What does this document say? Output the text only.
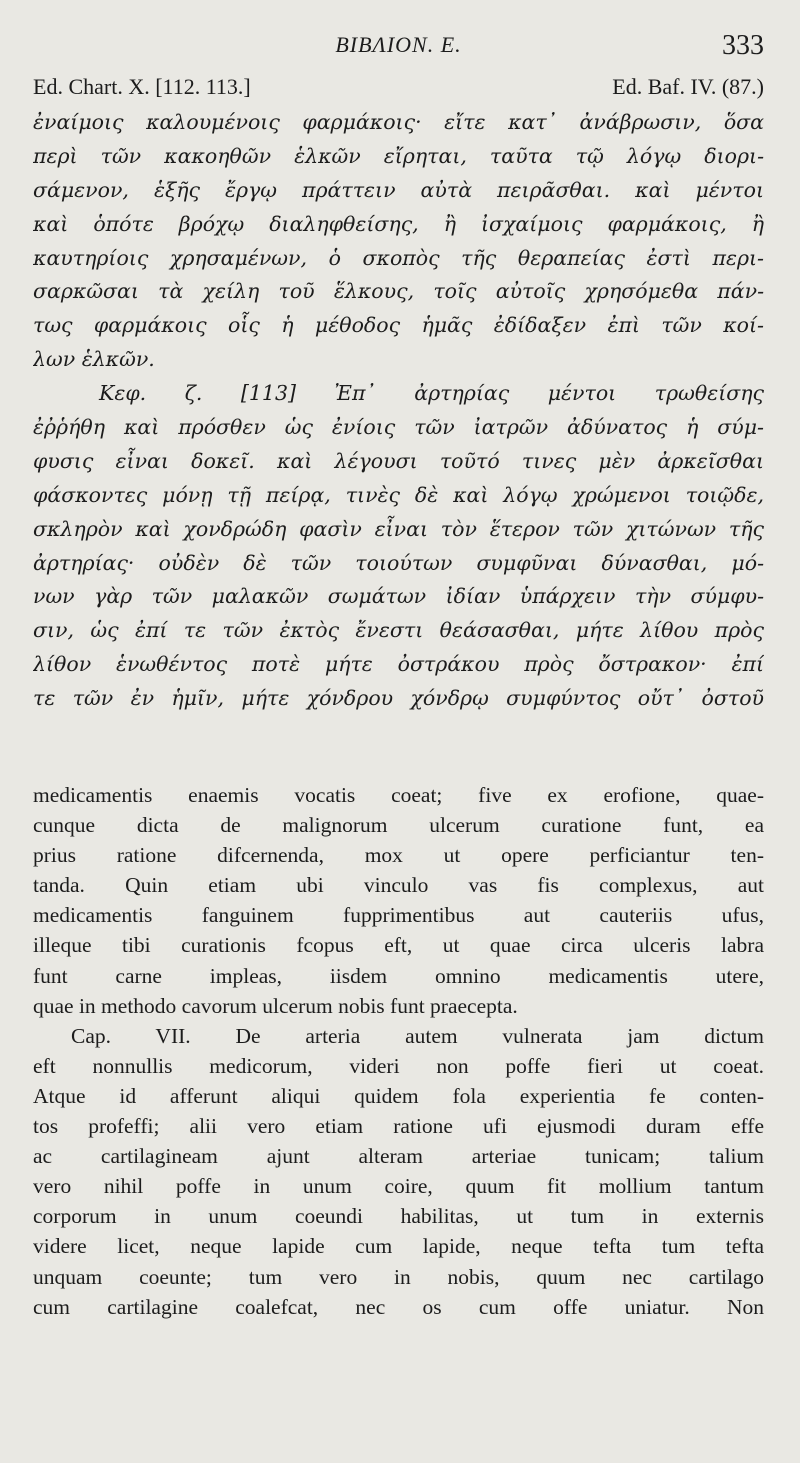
BIBΛION. E.	333
Ed. Chart. X. [112. 113.]	Ed. Baf. IV. (87.)
ἐναίμοις καλουμένοις φαρμάκοις· εἴτε κατ᾽ ἀνάβρωσιν, ὅσα
περὶ τῶν κακοηθῶν ἑλκῶν εἴρηται, ταῦτα τῷ λόγῳ διορι-
σάμενον, ἑξῆς ἔργῳ πράττειν αὐτὰ πειρᾶσθαι. καὶ μέντοι
καὶ ὁπότε βρόχῳ διαληφθείσης, ἢ ἰσχαίμοις φαρμάκοις, ἢ
καυτηρίοις χρησαμένων, ὁ σκοπὸς τῆς θεραπείας ἐστὶ περι-
σαρκῶσαι τὰ χείλη τοῦ ἕλκους, τοῖς αὐτοῖς χρησόμεθα πάν-
τως φαρμάκοις οἷς ἡ μέθοδος ἡμᾶς ἐδίδαξεν ἐπὶ τῶν κοί-
λων ἑλκῶν.
Κεφ. ζ. [113] Ἐπ᾽ ἀρτηρίας μέντοι τρωθείσης
ἐῤῥήθη καὶ πρόσθεν ὡς ἐνίοις τῶν ἰατρῶν ἀδύνατος ἡ σύμ-
φυσις εἶναι δοκεῖ. καὶ λέγουσι τοῦτό τινες μὲν ἀρκεῖσθαι
φάσκοντες μόνῃ τῇ πείρᾳ, τινὲς δὲ καὶ λόγῳ χρώμενοι τοιῷδε,
σκληρὸν καὶ χονδρώδη φασὶν εἶναι τὸν ἕτερον τῶν χιτώνων τῆς
ἀρτηρίας· οὐδὲν δὲ τῶν τοιούτων συμφῦναι δύνασθαι, μό-
νων γὰρ τῶν μαλακῶν σωμάτων ἰδίαν ὑπάρχειν τὴν σύμφυ-
σιν, ὡς ἐπί τε τῶν ἐκτὸς ἔνεστι θεάσασθαι, μήτε λίθου πρὸς
λίθον ἑνωθέντος ποτὲ μήτε ὀστράκου πρὸς ὄστρακον· ἐπί
τε τῶν ἐν ἡμῖν, μήτε χόνδρου χόνδρῳ συμφύντος οὔτ᾽ ὀστοῦ
medicamentis enaemis vocatis coeat; five ex erofione, quae-
cunque dicta de malignorum ulcerum curatione funt, ea
prius ratione difcernenda, mox ut opere perficiantur ten-
tanda. Quin etiam ubi vinculo vas fis complexus, aut
medicamentis fanguinem fupprimentibus aut cauteriis ufus,
illeque tibi curationis fcopus eft, ut quae circa ulceris labra
funt carne impleas, iisdem omnino medicamentis utere,
quae in methodo cavorum ulcerum nobis funt praecepta.
Cap. VII. De arteria autem vulnerata jam dictum
eft nonnullis medicorum, videri non poffe fieri ut coeat.
Atque id afferunt aliqui quidem fola experientia fe conten-
tos profeffi; alii vero etiam ratione ufi ejusmodi duram effe
ac cartilagineam ajunt alteram arteriae tunicam; talium
vero nihil poffe in unum coire, quum fit mollium tantum
corporum in unum coeundi habilitas, ut tum in externis
videre licet, neque lapide cum lapide, neque tefta tum tefta
unquam coeunte; tum vero in nobis, quum nec cartilago
cum cartilagine coalefcat, nec os cum offe uniatur. Non
